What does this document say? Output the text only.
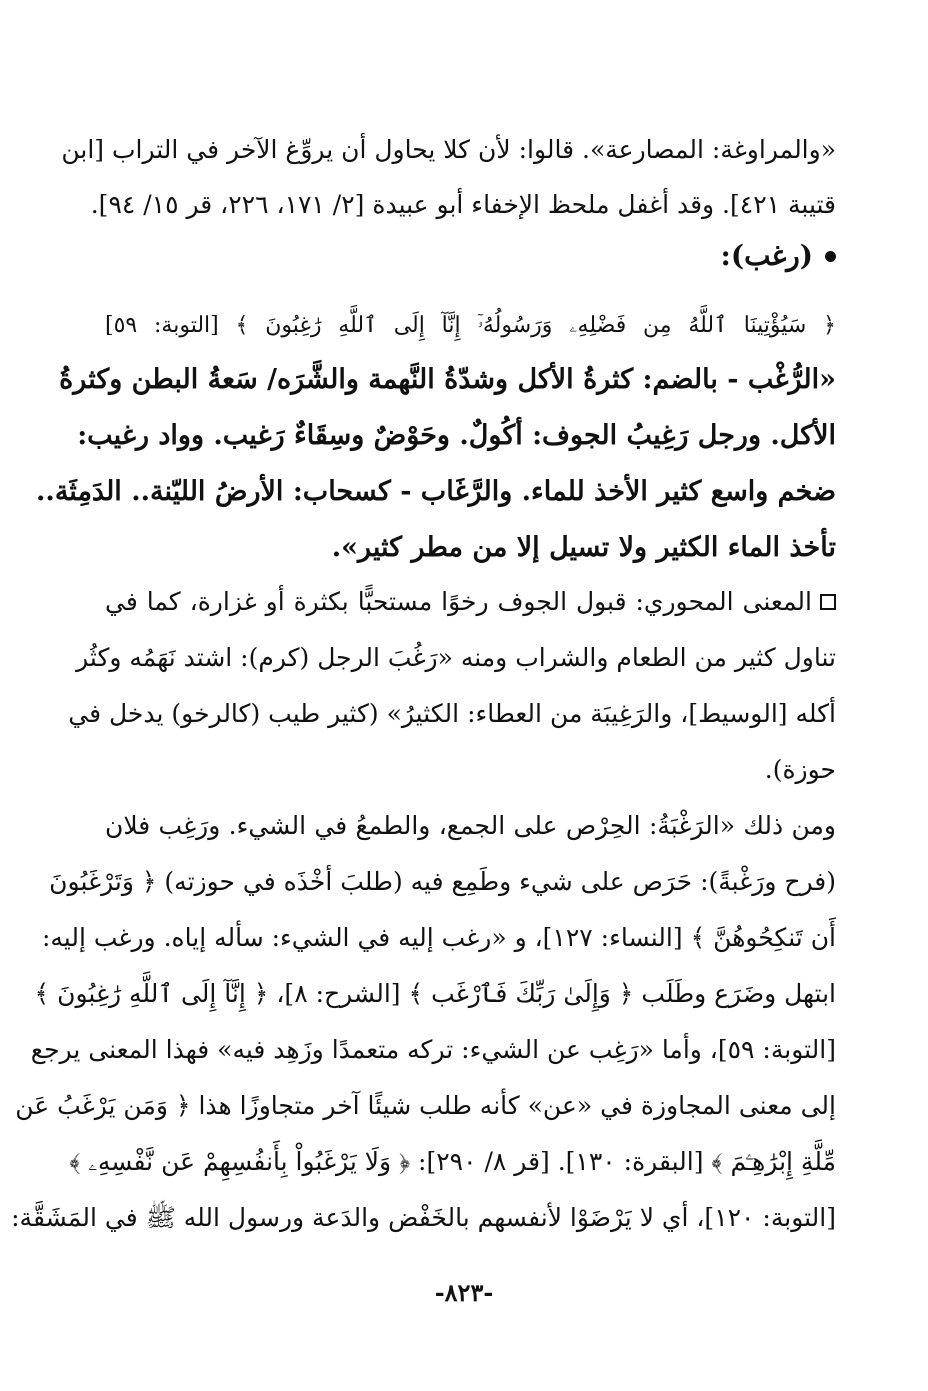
«والمراوغة: المصارعة». قالوا: لأن كلا يحاول أن يروِّغ الآخر في التراب [ابن
قتيبة ٤٢١]. وقد أغفل ملحظ الإخفاء أبو عبيدة [٢/ ١٧١، ٢٢٦، قر ١٥/ ٩٤].
(رغب):
﴿ سَيُؤْتِينَا ٱللَّهُ مِن فَضْلِهِۦ وَرَسُولُهُۥٓ إِنَّآ إِلَى ٱللَّهِ رَٰغِبُونَ ﴾ [التوبة: ٥٩]
«الرُّغْب - بالضم: كثرةُ الأكل وشدّةُ النَّهمة والشَّرَه/ سَعةُ البطن وكثرةُ
الأكل. ورجل رَغِيبُ الجوف: أكُولٌ. وحَوْضٌ وسِقَاءٌ رَغيب. وواد رغيب:
ضخم واسع كثير الأخذ للماء. والرَّغَاب - كسحاب: الأرضُ الليّنة.. الدَمِثَة..
تأخذ الماء الكثير ولا تسيل إلا من مطر كثير».
المعنى المحوري: قبول الجوف رخوًا مستحبًّا بكثرة أو غزارة، كما في
تناول كثير من الطعام والشراب ومنه «رَغُبَ الرجل (كرم): اشتد نَهَمُه وكثُر
أكله [الوسيط]، والرَغِيبَة من العطاء: الكثيرُ» (كثير طيب (كالرخو) يدخل في
حوزة).
ومن ذلك «الرَغْبَةُ: الحِرْص على الجمع، والطمعُ في الشيء. ورَغِب فلان
(فرح ورَغْبةً): حَرَص على شيء وطَمِع فيه (طلبَ أخْذَه في حوزته) ﴿ وَتَرْغَبُونَ
أَن تَنكِحُوهُنَّ ﴾ [النساء: ١٢٧]، و «رغب إليه في الشيء: سأله إياه. ورغب إليه:
ابتهل وضَرَع وطَلَب ﴿ وَإِلَىٰ رَبِّكَ فَٱرْغَب ﴾ [الشرح: ٨]، ﴿ إِنَّآ إِلَى ٱللَّهِ رَٰغِبُونَ ﴾
[التوبة: ٥٩]، وأما «رَغِب عن الشيء: تركه متعمدًا وزَهِد فيه» فهذا المعنى يرجع
إلى معنى المجاوزة في «عن» كأنه طلب شيئًا آخر متجاوزًا هذا ﴿ وَمَن يَرْغَبُ عَن
مِّلَّةِ إِبْرَٰهِـۧمَ ﴾ [البقرة: ١٣٠]. [قر ٨/ ٢٩٠]: ﴿ وَلَا يَرْغَبُواْ بِأَنفُسِهِمْ عَن نَّفْسِهِۦ ﴾
[التوبة: ١٢٠]، أي لا يَرْضَوْا لأنفسهم بالخَفْض والدَعة ورسول الله ﷺ في المَشَقَّة:
-٨٢٣-
